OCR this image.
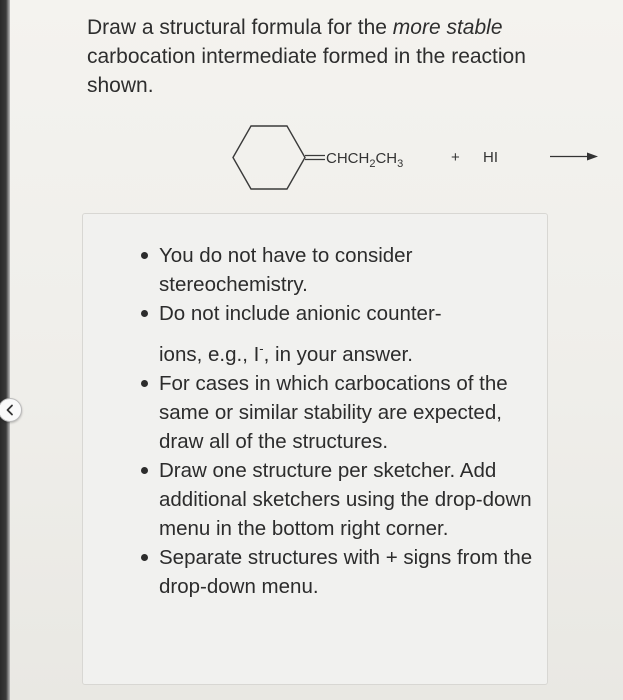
Draw a structural formula for the more stable carbocation intermediate formed in the reaction shown.

$CHCH_2CH_3$	+ HI
You do not have to consider stereochemistry.
Do not include anionic counter-
ions, e.g., I-, in your answer.
For cases in which carbocations of the same or similar stability are expected, draw all of the structures.
Draw one structure per sketcher. Add additional sketchers using the drop-down menu in the bottom right corner.
Separate structures with + signs from the drop-down menu.
